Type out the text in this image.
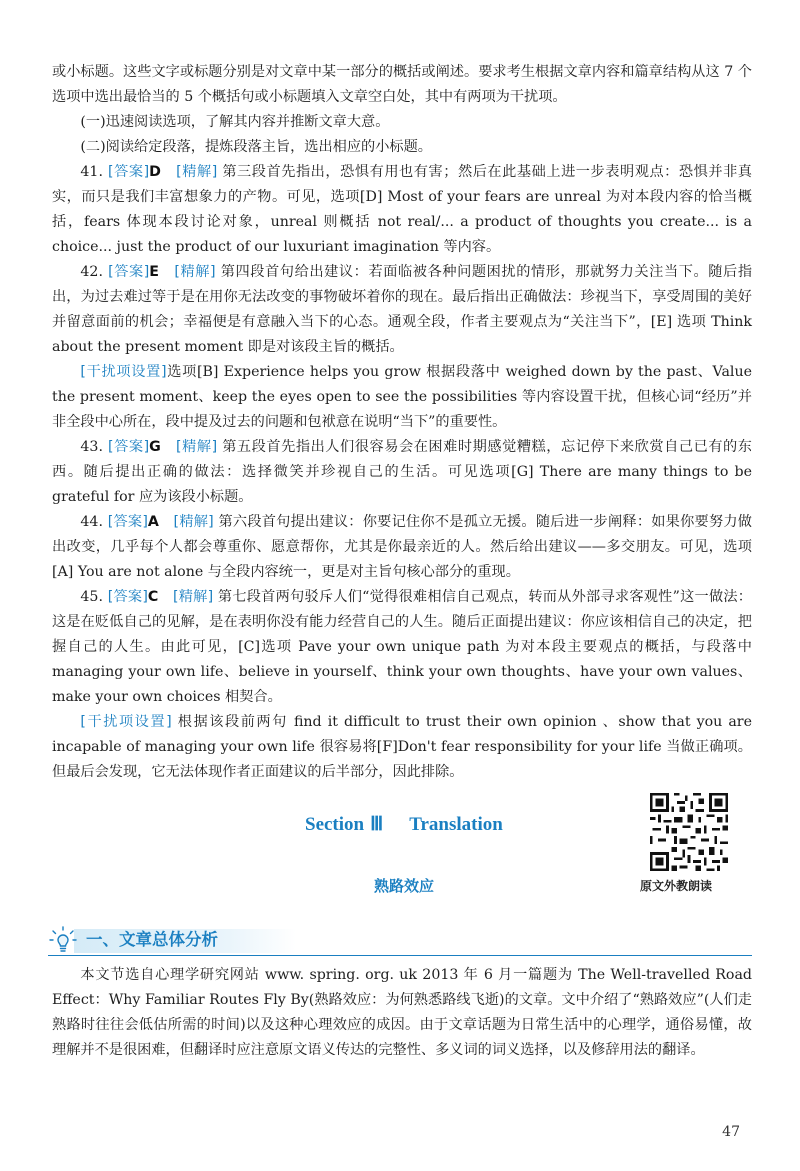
或小标题。这些文字或标题分别是对文章中某一部分的概括或阐述。要求考生根据文章内容和篇章结构从这 7 个选项中选出最恰当的 5 个概括句或小标题填入文章空白处，其中有两项为干扰项。

(一)迅速阅读选项，了解其内容并推断文章大意。

(二)阅读给定段落，提炼段落主旨，选出相应的小标题。

41. [答案]D　 [精解] 第三段首先指出，恐惧有用也有害；然后在此基础上进一步表明观点：恐惧并非真实，而只是我们丰富想象力的产物。可见，选项[D] Most of your fears are unreal 为对本段内容的恰当概括，fears 体现本段讨论对象，unreal 则概括 not real/... a product of thoughts you create... is a choice... just the product of our luxuriant imagination 等内容。

42. [答案]E　 [精解] 第四段首句给出建议：若面临被各种问题困扰的情形，那就努力关注当下。随后指出，为过去难过等于是在用你无法改变的事物破坏着你的现在。最后指出正确做法：珍视当下，享受周围的美好并留意面前的机会；幸福便是有意融入当下的心态。通观全段，作者主要观点为“关注当下”，[E] 选项 Think about the present moment 即是对该段主旨的概括。

[干扰项设置]选项[B] Experience helps you grow 根据段落中 weighed down by the past、Value the present moment、keep the eyes open to see the possibilities 等内容设置干扰，但核心词“经历”并非全段中心所在，段中提及过去的问题和包袱意在说明“当下”的重要性。

43. [答案]G　 [精解] 第五段首先指出人们很容易会在困难时期感觉糟糕，忘记停下来欣赏自己已有的东西。随后提出正确的做法：选择微笑并珍视自己的生活。可见选项[G] There are many things to be grateful for 应为该段小标题。

44. [答案]A　 [精解] 第六段首句提出建议：你要记住你不是孤立无援。随后进一步阐释：如果你要努力做出改变，几乎每个人都会尊重你、愿意帮你，尤其是你最亲近的人。然后给出建议——多交朋友。可见，选项[A] You are not alone 与全段内容统一，更是对主旨句核心部分的重现。

45. [答案]C　 [精解] 第七段首两句驳斥人们“觉得很难相信自己观点，转而从外部寻求客观性”这一做法：这是在贬低自己的见解，是在表明你没有能力经营自己的人生。随后正面提出建议：你应该相信自己的决定，把握自己的人生。由此可见，[C]选项 Pave your own unique path 为对本段主要观点的概括，与段落中 managing your own life、believe in yourself、think your own thoughts、have your own values、make your own choices 相契合。

[干扰项设置] 根据该段前两句 find it difficult to trust their own opinion 、show that you are incapable of managing your own life 很容易将[F]Don't fear responsibility for your life 当做正确项。但最后会发现，它无法体现作者正面建议的后半部分，因此排除。

Section Ⅲ Translation
原文外教朗读
熟路效应
一、文章总体分析

本文节选自心理学研究网站 www. spring. org. uk 2013 年 6 月一篇题为 The Well-travelled Road Effect：Why Familiar Routes Fly By(熟路效应：为何熟悉路线飞逝)的文章。文中介绍了“熟路效应”(人们走熟路时往往会低估所需的时间)以及这种心理效应的成因。由于文章话题为日常生活中的心理学，通俗易懂，故理解并不是很困难，但翻译时应注意原文语义传达的完整性、多义词的词义选择，以及修辞用法的翻译。

47
